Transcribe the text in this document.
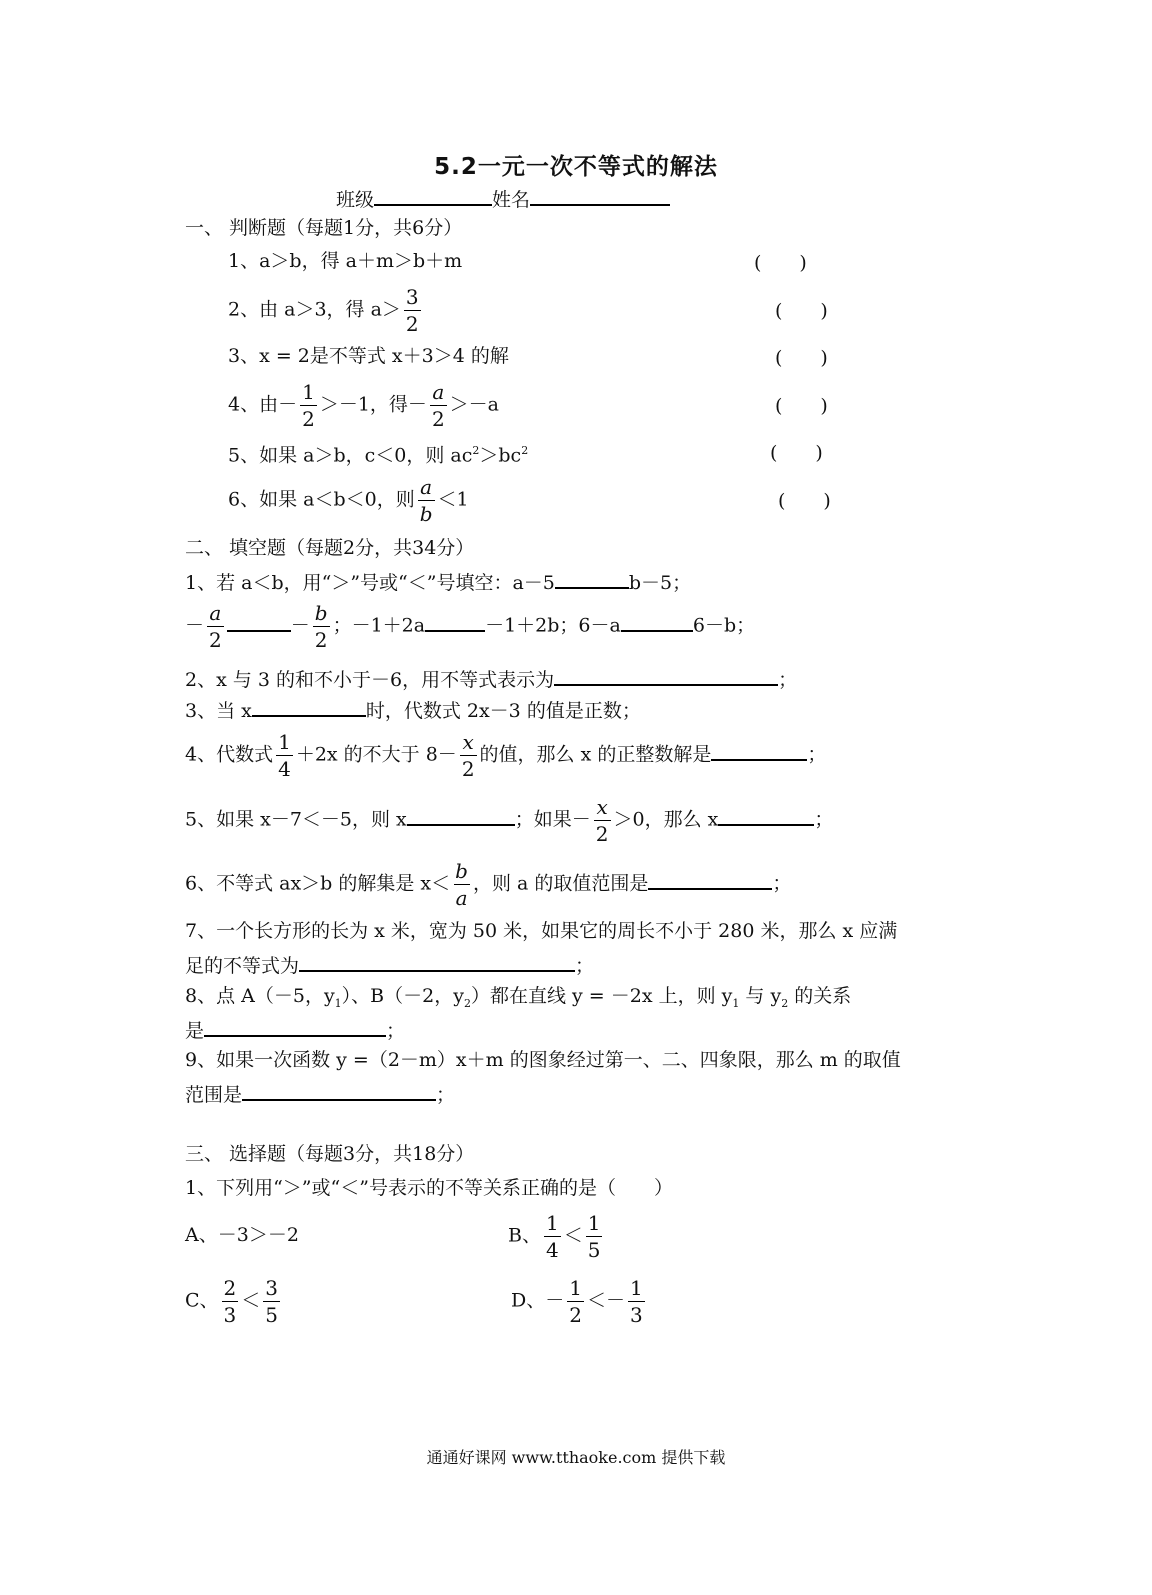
5.2一元一次不等式的解法
班级	姓名
一、 判断题（每题1分，共6分）
1、a＞b，得 a＋m＞b＋m	(　　)
2、由 a＞3，得 $a> \frac{3}{2}$	(　　)
3、x = 2是不等式 x＋3＞4 的解	(　　)
4、由－ $\frac{1}{2} >-1$，得－ $\frac{a}{2} >-a$	(　　)
5、如果 a＞b，c＜0，则 $ac^2>bc^2$	(　　)
6、如果 a＜b＜0，则 $\frac{a}{b} <1$	(　　)
二、 填空题（每题2分，共34分）
1、若 a＜b，用“＞”号或“＜”号填空：a－5	b－5；
－ $\frac{a}{2}$	－ $\frac{b}{2}$ ；－1＋2a	－1＋2b；6－a	6－b；
2、x 与 3 的和不小于－6，用不等式表示为	；
3、当 x	时，代数式 2x－3 的值是正数；
4、代数式 $\frac{1}{4} +2x$ 的不大于 $8- \frac{x}{2}$ 的值，那么 x 的正整数解是	；
5、如果 x－7＜－5，则 x	；如果－ $\frac{x}{2} >0$，那么 x	；
6、不等式 ax＞b 的解集是 $x< \frac{b}{a}$ ，则 a 的取值范围是	；
7、一个长方形的长为 x 米，宽为 50 米，如果它的周长不小于 280 米，那么 x 应满
足的不等式为	；
8、点 A（－5，$y_1$）、B（－2，$y_2$）都在直线 y = －2x 上，则 $y_1$ 与 $y_2$ 的关系
是	；
9、如果一次函数 y =（2－m）x＋m 的图象经过第一、二、四象限，那么 m 的取值
范围是	；
三、 选择题（每题3分，共18分）
1、下列用“＞”或“＜”号表示的不等关系正确的是（　　）
A、－3＞－2	B、 $\frac{1}{4} < \frac{1}{5}$
C、 $\frac{2}{3} < \frac{3}{5}$	D、－ $\frac{1}{2} <- \frac{1}{3}$
通通好课网 www.tthaoke.com 提供下载
